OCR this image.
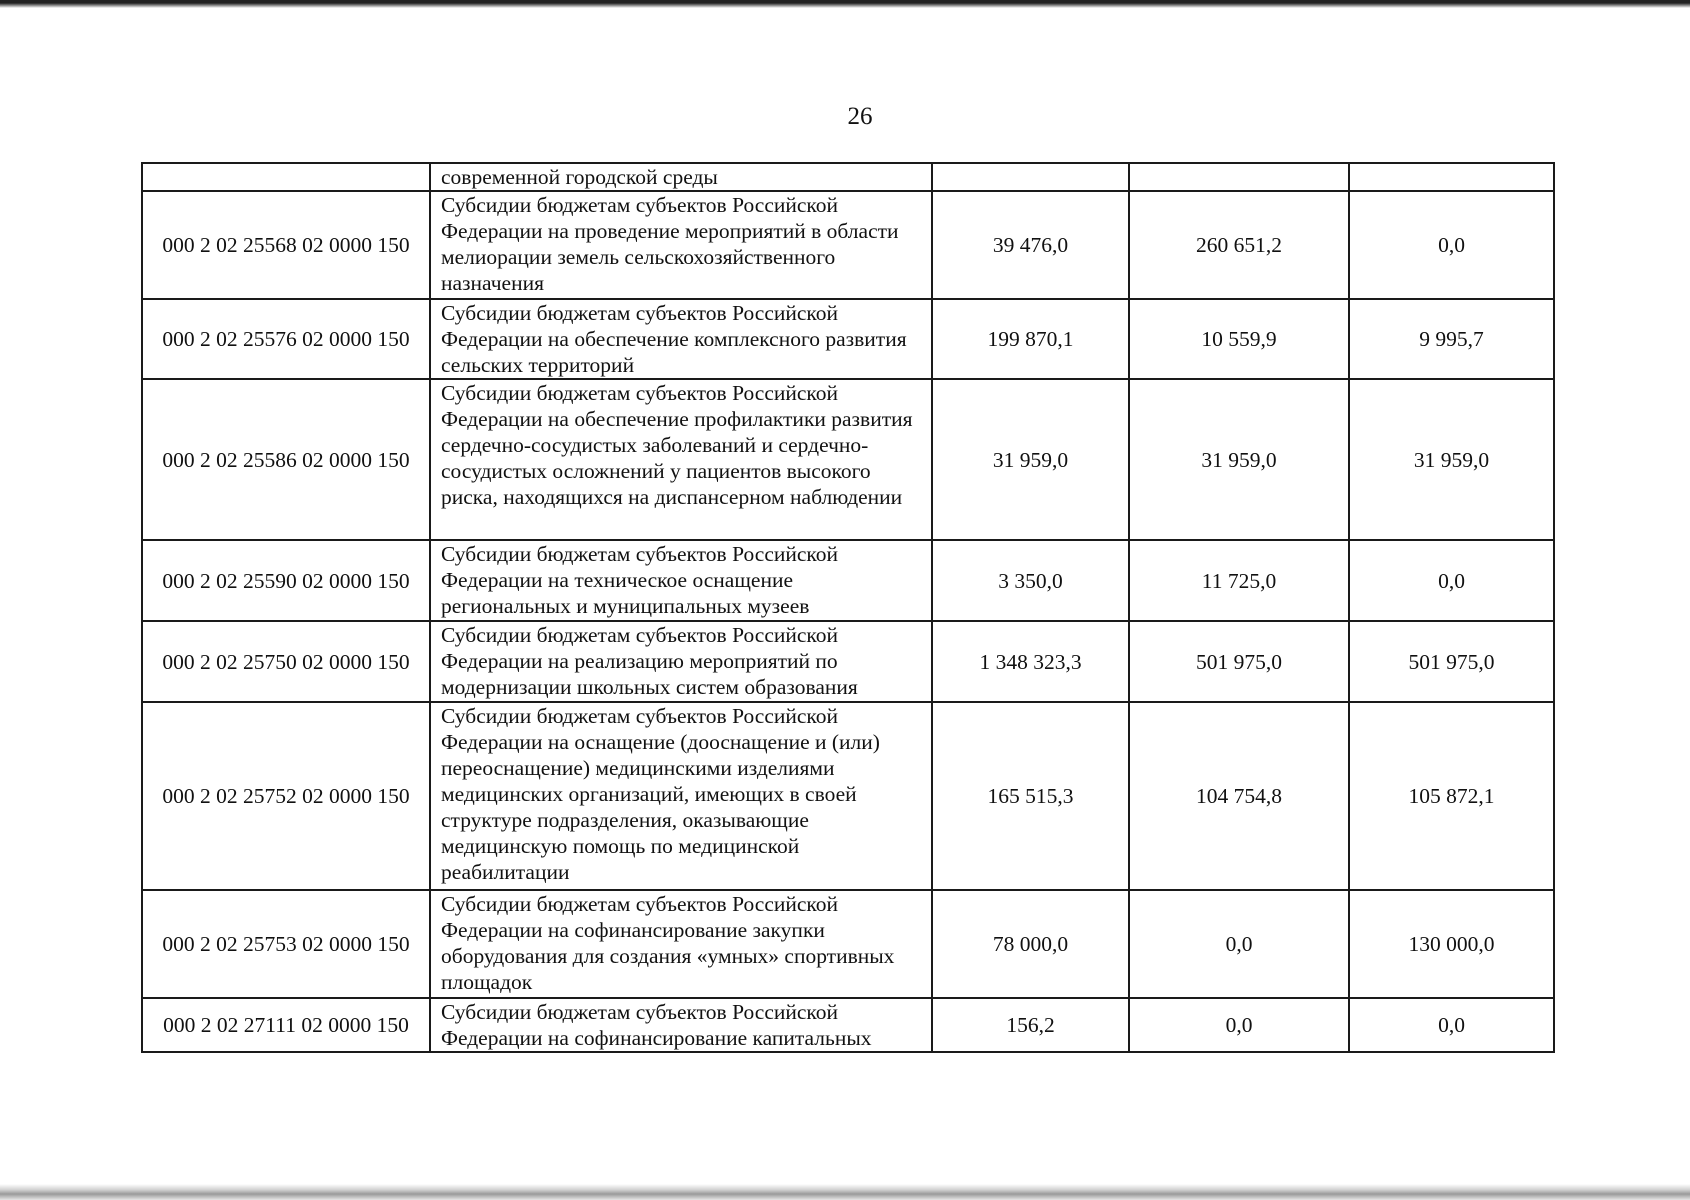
26
	современной городской среды			
000 2 02 25568 02 0000 150	Субсидии бюджетам субъектов Российской Федерации на проведение мероприятий в области мелиорации земель сельскохозяйственного назначения	39 476,0	260 651,2	0,0
000 2 02 25576 02 0000 150	Субсидии бюджетам субъектов Российской Федерации на обеспечение комплексного развития сельских территорий	199 870,1	10 559,9	9 995,7
000 2 02 25586 02 0000 150	Субсидии бюджетам субъектов Российской Федерации на обеспечение профилактики развития сердечно-сосудистых заболеваний и сердечно-сосудистых осложнений у пациентов высокого риска, находящихся на диспансерном наблюдении	31 959,0	31 959,0	31 959,0
000 2 02 25590 02 0000 150	Субсидии бюджетам субъектов Российской Федерации на техническое оснащение региональных и муниципальных музеев	3 350,0	11 725,0	0,0
000 2 02 25750 02 0000 150	Субсидии бюджетам субъектов Российской Федерации на реализацию мероприятий по модернизации школьных систем образования	1 348 323,3	501 975,0	501 975,0
000 2 02 25752 02 0000 150	Субсидии бюджетам субъектов Российской Федерации на оснащение (дооснащение и (или) переоснащение) медицинскими изделиями медицинских организаций, имеющих в своей структуре подразделения, оказывающие медицинскую помощь по медицинской реабилитации	165 515,3	104 754,8	105 872,1
000 2 02 25753 02 0000 150	Субсидии бюджетам субъектов Российской Федерации на софинансирование закупки оборудования для создания «умных» спортивных площадок	78 000,0	0,0	130 000,0
000 2 02 27111 02 0000 150	Субсидии бюджетам субъектов Российской Федерации на софинансирование капитальных	156,2	0,0	0,0
